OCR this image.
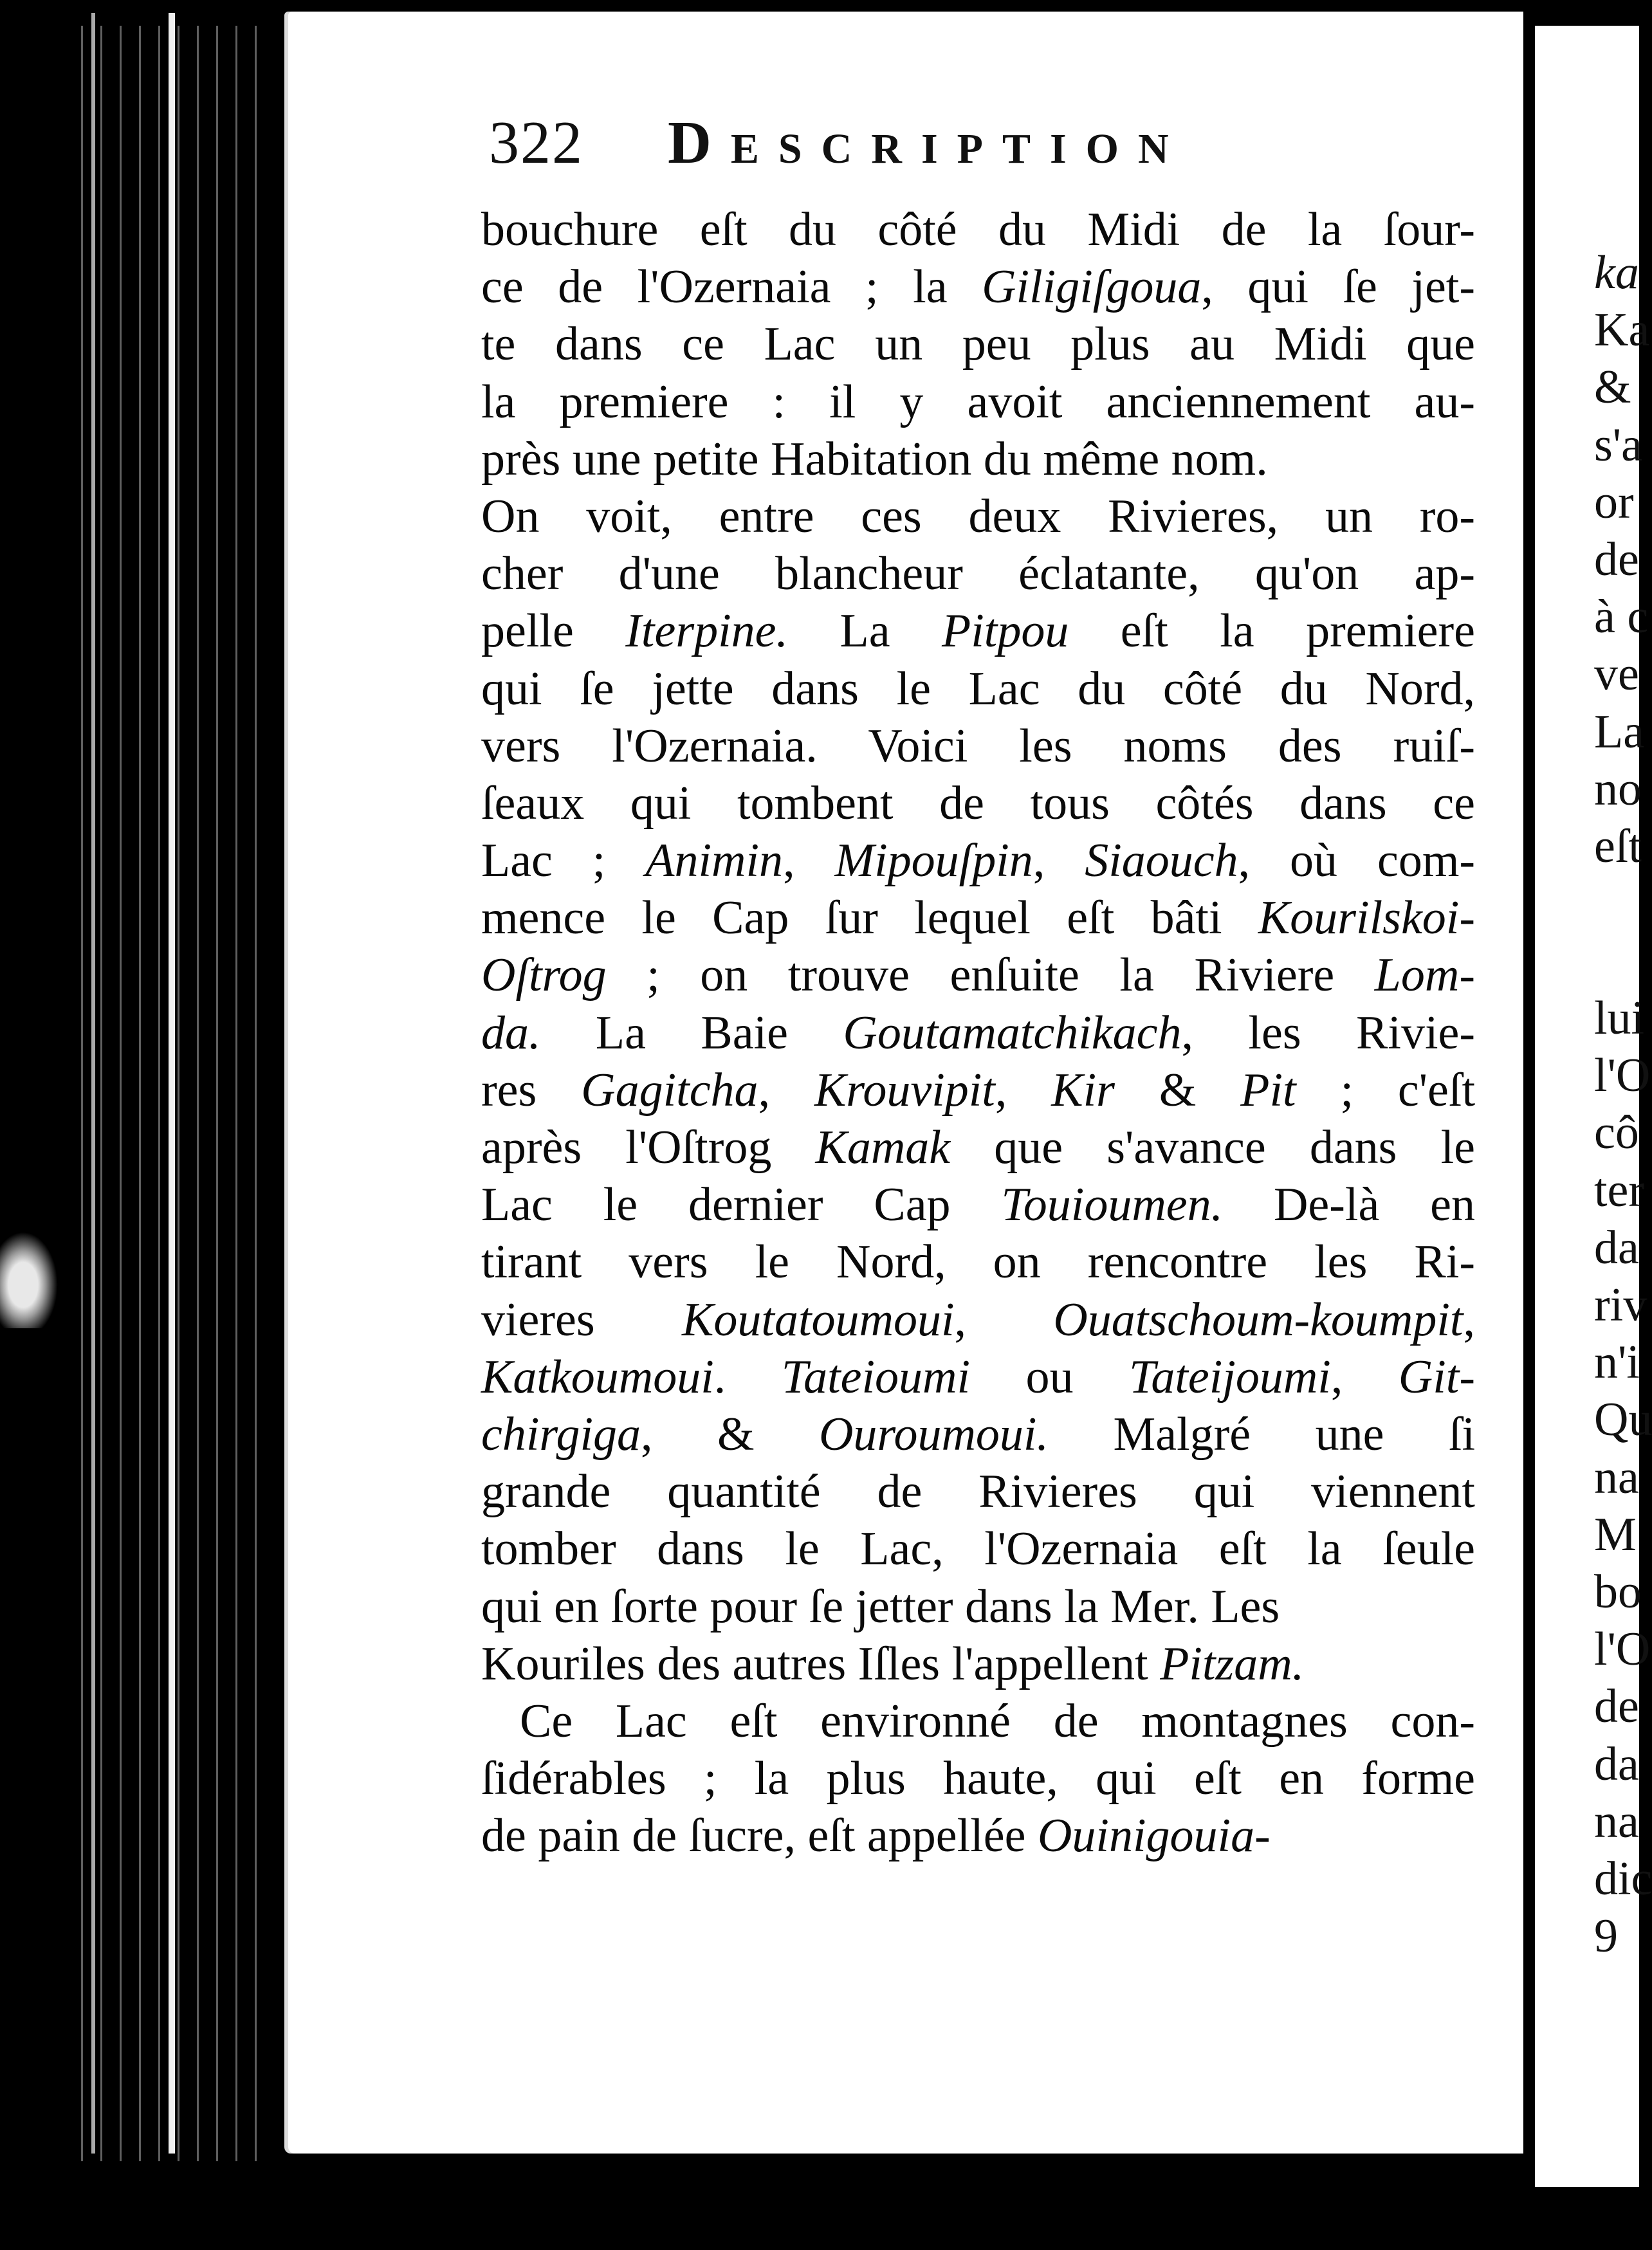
322 Description
bouchure eſt du côté du Midi de la ſour-
ce de l'Ozernaia ; la Giligiſgoua, qui ſe jet-
te dans ce Lac un peu plus au Midi que
la premiere : il y avoit anciennement au-
près une petite Habitation du même nom.
On voit, entre ces deux Rivieres, un ro-
cher d'une blancheur éclatante, qu'on ap-
pelle Iterpine. La Pitpou eſt la premiere
qui ſe jette dans le Lac du côté du Nord,
vers l'Ozernaia. Voici les noms des ruiſ-
ſeaux qui tombent de tous côtés dans ce
Lac ; Animin, Mipouſpin, Siaouch, où com-
mence le Cap ſur lequel eſt bâti Kourilskoi-
Oſtrog ; on trouve enſuite la Riviere Lom-
da. La Baie Goutamatchikach, les Rivie-
res Gagitcha, Krouvipit, Kir & Pit ; c'eſt
après l'Oſtrog Kamak que s'avance dans le
Lac le dernier Cap Touioumen. De-là en
tirant vers le Nord, on rencontre les Ri-
vieres Koutatoumoui, Ouatschoum-koumpit,
Katkoumoui. Tateioumi ou Tateijoumi, Git-
chirgiga, & Ouroumoui. Malgré une ſi
grande quantité de Rivieres qui viennent
tomber dans le Lac, l'Ozernaia eſt la ſeule
qui en ſorte pour ſe jetter dans la Mer. Les
Kouriles des autres Iſles l'appellent Pitzam.
Ce Lac eſt environné de montagnes con-
ſidérables ; la plus haute, qui eſt en forme
de pain de ſucre, eſt appellée Ouinigouia-
ka
Ka
&
s'a
or
de
à c
ve
La
no
eſt
lui
l'O
cô
ter
da
riv
n'i
Qu
na
M
bo
l'O
de
da
na
dic
9
